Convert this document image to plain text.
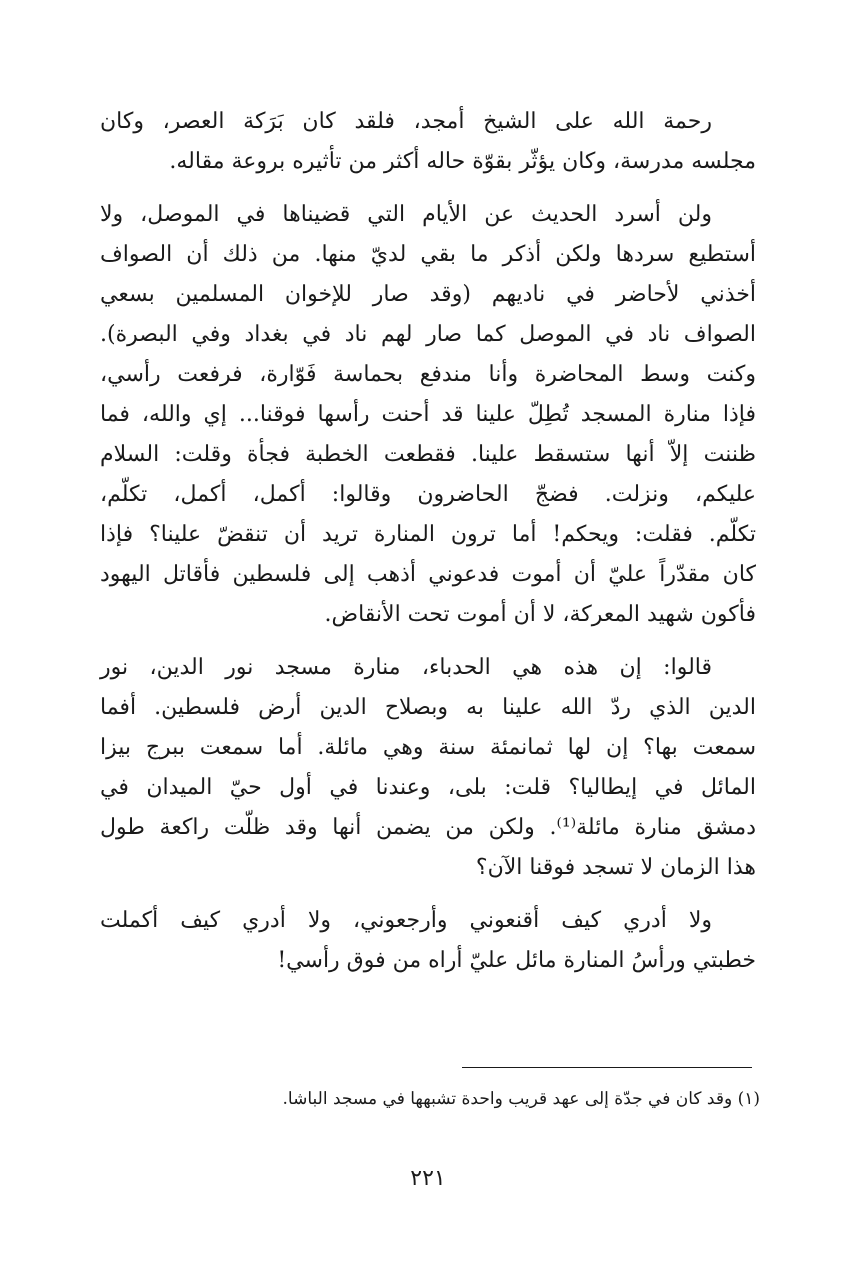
رحمة الله على الشيخ أمجد، فلقد كان بَرَكة العصر، وكان
مجلسه مدرسة، وكان يؤثّر بقوّة حاله أكثر من تأثيره بروعة مقاله.

ولن أسرد الحديث عن الأيام التي قضيناها في الموصل، ولا
أستطيع سردها ولكن أذكر ما بقي لديّ منها. من ذلك أن الصواف
أخذني لأحاضر في ناديهم (وقد صار للإخوان المسلمين بسعي
الصواف ناد في الموصل كما صار لهم ناد في بغداد وفي البصرة).
وكنت وسط المحاضرة وأنا مندفع بحماسة فَوّارة، فرفعت رأسي،
فإذا منارة المسجد تُطِلّ علينا قد أحنت رأسها فوقنا... إي والله، فما
ظننت إلاّ أنها ستسقط علينا. فقطعت الخطبة فجأة وقلت: السلام
عليكم، ونزلت. فضجّ الحاضرون وقالوا: أكمل، أكمل، تكلّم،
تكلّم. فقلت: ويحكم! أما ترون المنارة تريد أن تنقضّ علينا؟ فإذا
كان مقدّراً عليّ أن أموت فدعوني أذهب إلى فلسطين فأقاتل اليهود
فأكون شهيد المعركة، لا أن أموت تحت الأنقاض.

قالوا: إن هذه هي الحدباء، منارة مسجد نور الدين، نور
الدين الذي ردّ الله علينا به وبصلاح الدين أرض فلسطين. أفما
سمعت بها؟ إن لها ثمانمئة سنة وهي مائلة. أما سمعت ببرج بيزا
المائل في إيطاليا؟ قلت: بلى، وعندنا في أول حيّ الميدان في
دمشق منارة مائلة⁽¹⁾. ولكن من يضمن أنها وقد ظلّت راكعة طول
هذا الزمان لا تسجد فوقنا الآن؟

ولا أدري كيف أقنعوني وأرجعوني، ولا أدري كيف أكملت
خطبتي ورأسُ المنارة مائل عليّ أراه من فوق رأسي!

(١) وقد كان في جدّة إلى عهد قريب واحدة تشبهها في مسجد الباشا.
٢٢١
